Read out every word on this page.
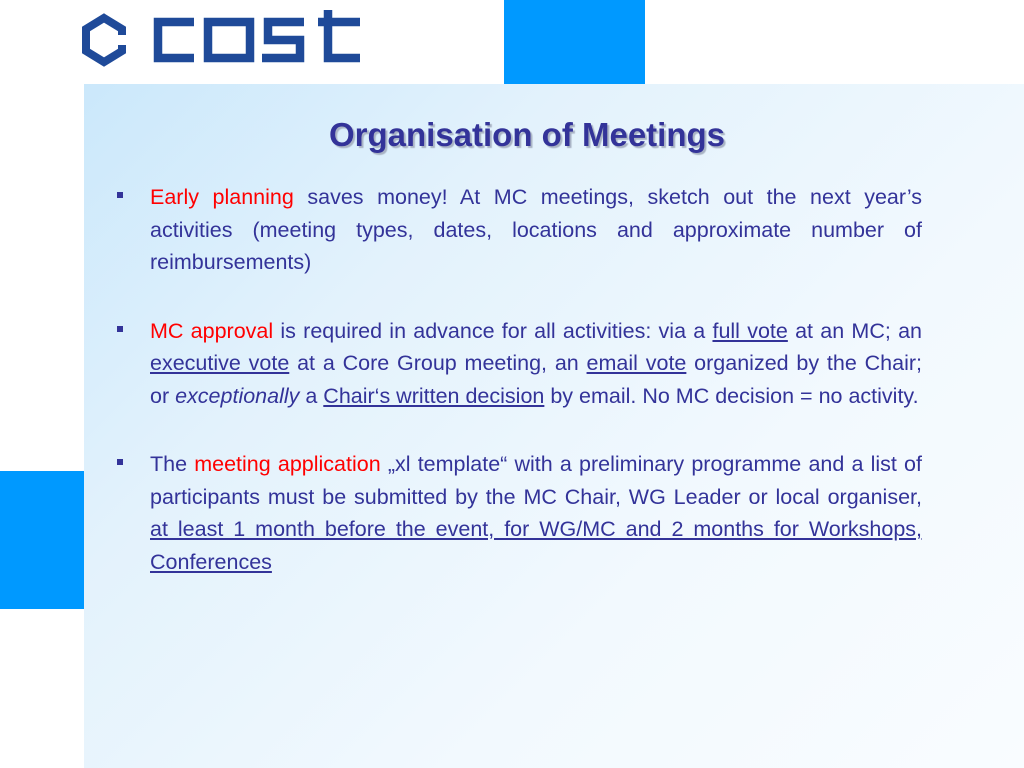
Organisation of Meetings

Early planning saves money! At MC meetings, sketch out the next year’s activities (meeting types, dates, locations and approximate number of reimbursements)

MC approval is required in advance for all activities: via a full vote at an MC; an executive vote at a Core Group meeting, an email vote organized by the Chair; or exceptionally a Chair‘s written decision by email. No MC decision = no activity.

The meeting application „xl template“ with a preliminary programme and a list of participants must be submitted by the MC Chair, WG Leader or local organiser, at least 1 month before the event, for WG/MC and 2 months for Workshops, Conferences
